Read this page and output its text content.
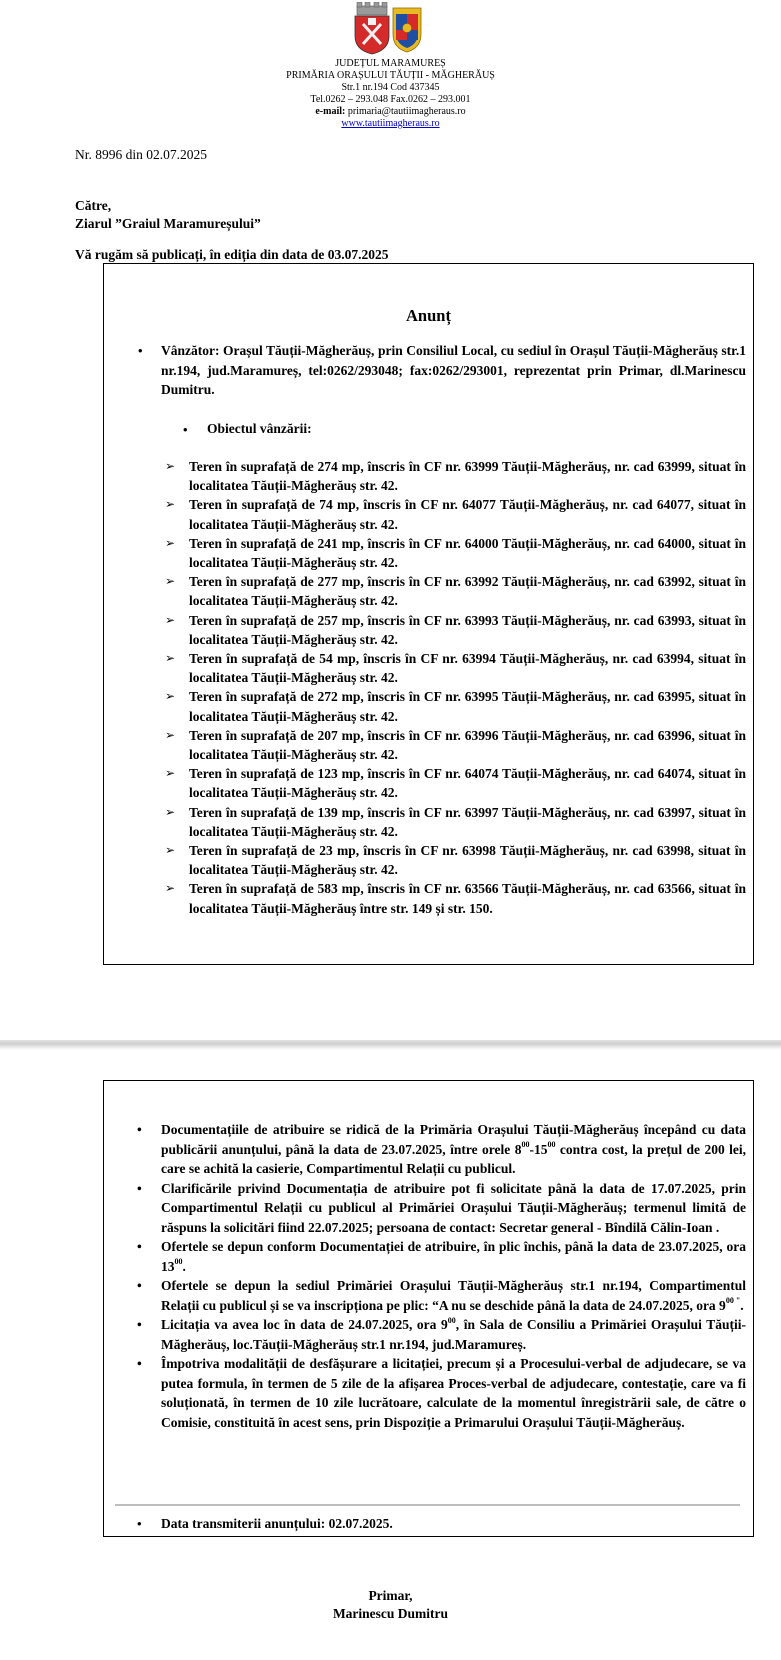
JUDEȚUL MARAMUREȘ
PRIMĂRIA ORAȘULUI TĂUȚII - MĂGHERĂUȘ
Str.1 nr.194 Cod 437345
Tel.0262 – 293.048 Fax.0262 – 293.001
e-mail: primaria@tautiimagheraus.ro
www.tautiimagheraus.ro
Nr. 8996 din 02.07.2025
Către,
Ziarul ”Graiul Maramureșului”
Vă rugăm să publicați, în ediția din data de 03.07.2025
Anunț
• Vânzător: Orașul Tăuții-Măgherăuș, prin Consiliul Local, cu sediul în Orașul Tăuții-Măgherăuș str.1 nr.194, jud.Maramureș, tel:0262/293048; fax:0262/293001, reprezentat prin Primar, dl.Marinescu Dumitru.
• Obiectul vânzării:
➢ Teren în suprafață de 274 mp, înscris în CF nr. 63999 Tăuții-Măgherăuș, nr. cad 63999, situat în localitatea Tăuții-Măgherăuș str. 42.
➢ Teren în suprafață de 74 mp, înscris în CF nr. 64077 Tăuții-Măgherăuș, nr. cad 64077, situat în localitatea Tăuții-Măgherăuș str. 42.
➢ Teren în suprafață de 241 mp, înscris în CF nr. 64000 Tăuții-Măgherăuș, nr. cad 64000, situat în localitatea Tăuții-Măgherăuș str. 42.
➢ Teren în suprafață de 277 mp, înscris în CF nr. 63992 Tăuții-Măgherăuș, nr. cad 63992, situat în localitatea Tăuții-Măgherăuș str. 42.
➢ Teren în suprafață de 257 mp, înscris în CF nr. 63993 Tăuții-Măgherăuș, nr. cad 63993, situat în localitatea Tăuții-Măgherăuș str. 42.
➢ Teren în suprafață de 54 mp, înscris în CF nr. 63994 Tăuții-Măgherăuș, nr. cad 63994, situat în localitatea Tăuții-Măgherăuș str. 42.
➢ Teren în suprafață de 272 mp, înscris în CF nr. 63995 Tăuții-Măgherăuș, nr. cad 63995, situat în localitatea Tăuții-Măgherăuș str. 42.
➢ Teren în suprafață de 207 mp, înscris în CF nr. 63996 Tăuții-Măgherăuș, nr. cad 63996, situat în localitatea Tăuții-Măgherăuș str. 42.
➢ Teren în suprafață de 123 mp, înscris în CF nr. 64074 Tăuții-Măgherăuș, nr. cad 64074, situat în localitatea Tăuții-Măgherăuș str. 42.
➢ Teren în suprafață de 139 mp, înscris în CF nr. 63997 Tăuții-Măgherăuș, nr. cad 63997, situat în localitatea Tăuții-Măgherăuș str. 42.
➢ Teren în suprafață de 23 mp, înscris în CF nr. 63998 Tăuții-Măgherăuș, nr. cad 63998, situat în localitatea Tăuții-Măgherăuș str. 42.
➢ Teren în suprafață de 583 mp, înscris în CF nr. 63566 Tăuții-Măgherăuș, nr. cad 63566, situat în localitatea Tăuții-Măgherăuș între str. 149 și str. 150.
• Documentațiile de atribuire se ridică de la Primăria Orașului Tăuții-Măgherăuș începând cu data publicării anunțului, până la data de 23.07.2025, între orele $8^{00}-15^{00}$ contra cost, la prețul de 200 lei, care se achită la casierie, Compartimentul Relații cu publicul.
• Clarificările privind Documentația de atribuire pot fi solicitate până la data de 17.07.2025, prin Compartimentul Relații cu publicul al Primăriei Orașului Tăuții-Măgherăuș; termenul limită de răspuns la solicitări fiind 22.07.2025; persoana de contact: Secretar general - Bîndilă Călin-Ioan .
• Ofertele se depun conform Documentației de atribuire, în plic închis, până la data de 23.07.2025, ora $13^{00}$.
• Ofertele se depun la sediul Primăriei Orașului Tăuții-Măgherăuș str.1 nr.194, Compartimentul Relații cu publicul și se va inscripționa pe plic: “A nu se deschide până la data de 24.07.2025, ora $9^{00 "}$.
• Licitația va avea loc în data de 24.07.2025, ora $9^{00}$, în Sala de Consiliu a Primăriei Orașului Tăuții-Măgherăuș, loc.Tăuții-Măgherăuș str.1 nr.194, jud.Maramureș.
• Împotriva modalității de desfășurare a licitației, precum și a Procesului-verbal de adjudecare, se va putea formula, în termen de 5 zile de la afișarea Proces-verbal de adjudecare, contestație, care va fi soluționată, în termen de 10 zile lucrătoare, calculate de la momentul înregistrării sale, de către o Comisie, constituită în acest sens, prin Dispoziție a Primarului Orașului Tăuții-Măgherăuș.
• Data transmiterii anunțului: 02.07.2025.
Primar,
Marinescu Dumitru
